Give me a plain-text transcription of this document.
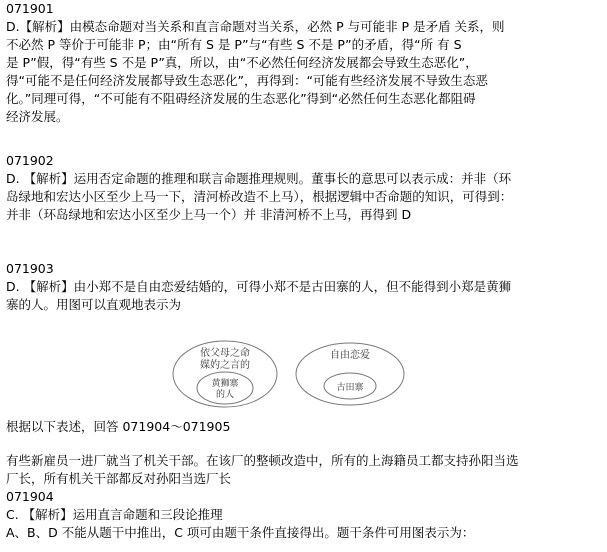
071901
D.【解析】由模态命题对当关系和直言命题对当关系，必然 P 与可能非 P 是矛盾 关系，则
不必然 P 等价于可能非 P；由“所有 S 是 P”与“有些 S 不是 P”的矛盾，得“所 有 S
是 P”假，得“有些 S 不是 P”真，所以，由“不必然任何经济发展都会导致生态恶化”，
得“可能不是任何经济发展都导致生态恶化”，再得到：“可能有些经济发展不导致生态恶
化。”同理可得，“不可能有不阻碍经济发展的生态恶化”得到“必然任何生态恶化都阻碍
经济发展。
071902
D. 【解析】运用否定命题的推理和联言命题推理规则。董事长的意思可以表示成：并非（环
岛绿地和宏达小区至少上马一下，清河桥改造不上马），根据逻辑中否命题的知识，可得到：
并非（环岛绿地和宏达小区至少上马一个）并 非清河桥不上马，再得到 D
071903
D. 【解析】由小郑不是自由恋爱结婚的，可得小郑不是古田寨的人，但不能得到小郑是黄狮
寨的人。用图可以直观地表示为
依父母之命
媒妁之言的
黄狮寨
的人
自由恋爱
古田寨
根据以下表述，回答 071904～071905
有些新雇员一进厂就当了机关干部。在该厂的整顿改造中，所有的上海籍员工都支持孙阳当选
厂长，所有机关干部都反对孙阳当选厂长
071904
C. 【解析】运用直言命题和三段论推理
A、B、D 不能从题干中推出，C 项可由题干条件直接得出。题干条件可用图表示为：
